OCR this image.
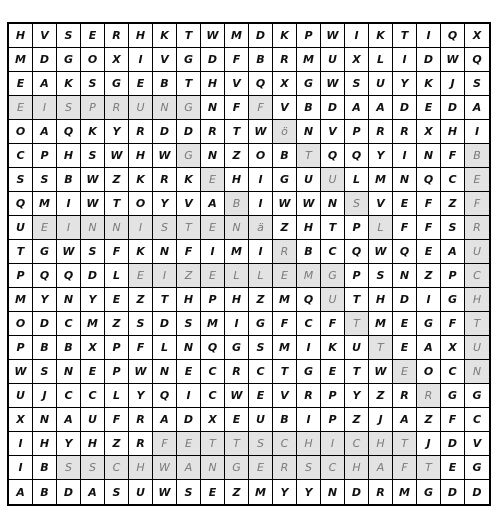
H	V	S	E	R	H	K	T	W	M	D	K	P	W	I	K	T	I	Q	X
M	D	G	O	X	I	V	G	D	F	B	R	M	U	X	L	I	D	W	Q
E	A	K	S	G	E	B	T	H	V	Q	X	G	W	S	U	Y	K	J	S
E	I	S	P	R	U	N	G	N	F	F	V	B	D	A	A	D	E	D	A
O	A	Q	K	Y	R	D	D	R	T	W	ö	N	V	P	R	R	X	H	I
C	P	H	S	W	H	W	G	N	Z	O	B	T	Q	Q	Y	I	N	F	B
S	S	B	W	Z	K	R	K	E	H	I	G	U	U	L	M	N	Q	C	E
Q	M	I	W	T	O	Y	V	A	B	I	W	W	N	S	V	E	F	Z	F
U	E	I	N	N	I	S	T	E	N	ä	Z	H	T	P	L	F	F	S	R
T	G	W	S	F	K	N	F	I	M	I	R	B	C	Q	W	Q	E	A	U
P	Q	Q	D	L	E	I	Z	E	L	L	E	M	G	P	S	N	Z	P	C
M	Y	N	Y	E	Z	T	H	P	H	Z	M	Q	U	T	H	D	I	G	H
O	D	C	M	Z	S	D	S	M	I	G	F	C	F	T	M	E	G	F	T
P	B	B	X	P	F	L	N	Q	G	S	M	I	K	U	T	E	A	X	U
W	S	N	E	P	W	N	E	C	R	C	T	G	E	T	W	E	O	C	N
U	J	C	C	L	Y	Q	I	C	W	E	V	R	P	Y	Z	R	R	G	G
X	N	A	U	F	R	A	D	X	E	U	B	I	P	Z	J	A	Z	F	C
I	H	Y	H	Z	R	F	E	T	T	S	C	H	I	C	H	T	J	D	V
I	B	S	S	C	H	W	A	N	G	E	R	S	C	H	A	F	T	E	G
A	B	D	A	S	U	W	S	E	Z	M	Y	Y	N	D	R	M	G	D	D
